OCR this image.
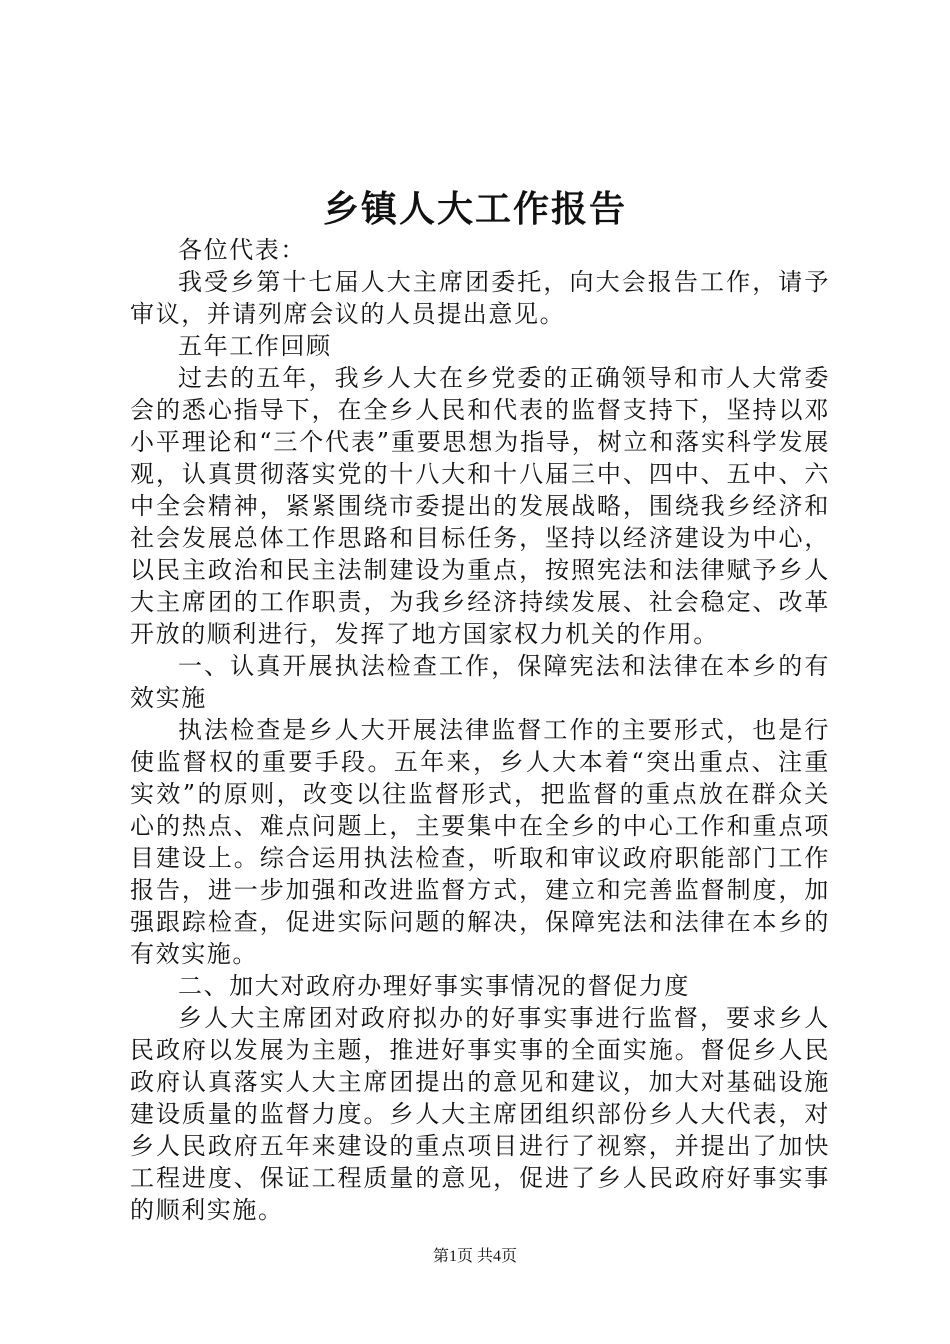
乡镇人大工作报告

各位代表：

我受乡第十七届人大主席团委托，向大会报告工作，请予审议，并请列席会议的人员提出意见。

五年工作回顾

过去的五年，我乡人大在乡党委的正确领导和市人大常委会的悉心指导下，在全乡人民和代表的监督支持下，坚持以邓小平理论和“三个代表”重要思想为指导，树立和落实科学发展观，认真贯彻落实党的十八大和十八届三中、四中、五中、六中全会精神，紧紧围绕市委提出的发展战略，围绕我乡经济和社会发展总体工作思路和目标任务，坚持以经济建设为中心，以民主政治和民主法制建设为重点，按照宪法和法律赋予乡人大主席团的工作职责，为我乡经济持续发展、社会稳定、改革开放的顺利进行，发挥了地方国家权力机关的作用。

一、认真开展执法检查工作，保障宪法和法律在本乡的有效实施

执法检查是乡人大开展法律监督工作的主要形式，也是行使监督权的重要手段。五年来，乡人大本着“突出重点、注重实效”的原则，改变以往监督形式，把监督的重点放在群众关心的热点、难点问题上，主要集中在全乡的中心工作和重点项目建设上。综合运用执法检查，听取和审议政府职能部门工作报告，进一步加强和改进监督方式，建立和完善监督制度，加强跟踪检查，促进实际问题的解决，保障宪法和法律在本乡的有效实施。

二、加大对政府办理好事实事情况的督促力度

乡人大主席团对政府拟办的好事实事进行监督，要求乡人民政府以发展为主题，推进好事实事的全面实施。督促乡人民政府认真落实人大主席团提出的意见和建议，加大对基础设施建设质量的监督力度。乡人大主席团组织部份乡人大代表，对乡人民政府五年来建设的重点项目进行了视察，并提出了加快工程进度、保证工程质量的意见，促进了乡人民政府好事实事的顺利实施。

第1页 共4页
